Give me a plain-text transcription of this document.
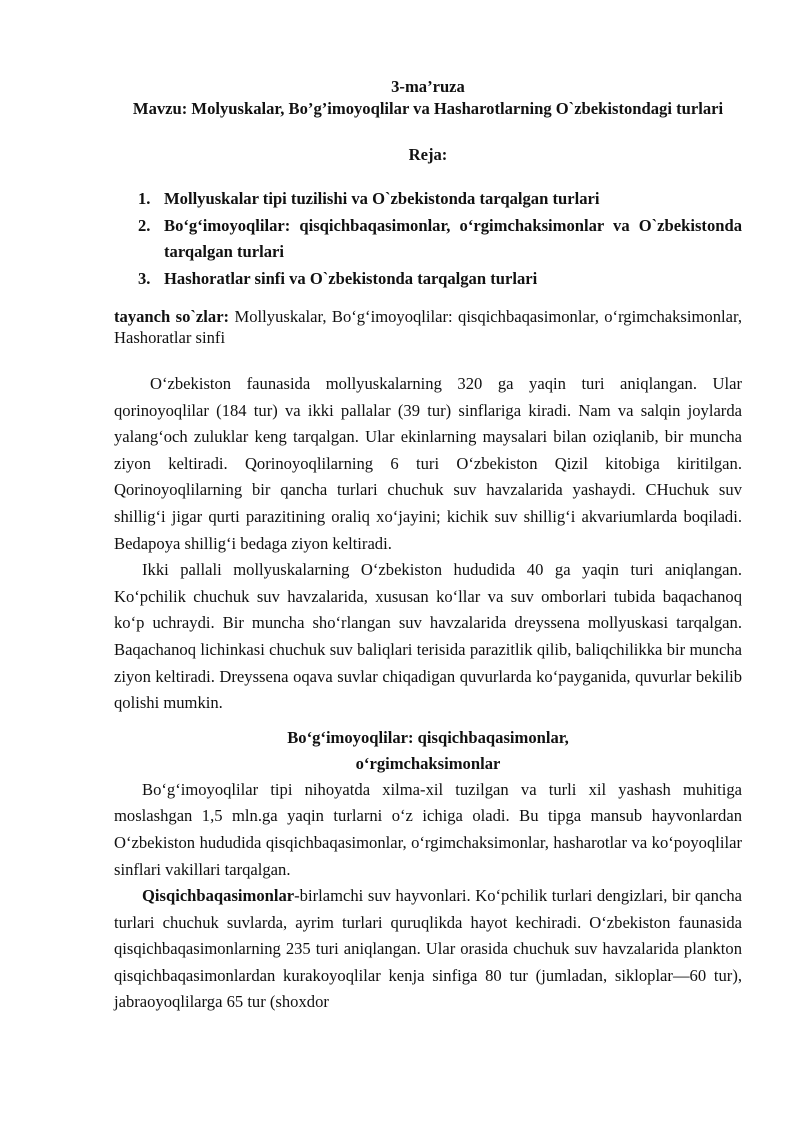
3-ma’ruza
Mavzu: Molyuskalar, Bo’g’imoyoqlilar va Hasharotlarning O`zbekistondagi turlari
Reja:
1. Mollyuskalar tipi tuzilishi va O`zbekistonda tarqalgan turlari
2. Bo‘g‘imoyoqlilar: qisqichbaqasimonlar, o‘rgimchaksimonlar va O`zbekistonda tarqalgan turlari
3. Hashoratlar sinfi va O`zbekistonda tarqalgan turlari
tayanch so`zlar: Mollyuskalar, Bo‘g‘imoyoqlilar: qisqichbaqasimonlar, o‘rgimchaksimonlar, Hashoratlar sinfi

O‘zbekiston faunasida mollyuskalarning 320 ga yaqin turi aniqlangan. Ular qorinoyoqlilar (184 tur) va ikki pallalar (39 tur) sinflariga kiradi. Nam va salqin joylarda yalang‘och zuluklar keng tarqalgan. Ular ekinlarning maysalari bilan oziqlanib, bir muncha ziyon keltiradi. Qorinoyoqlilarning 6 turi O‘zbekiston Qizil kitobiga kiritilgan. Qorinoyoqlilarning bir qancha turlari chuchuk suv havzalarida yashaydi. CHuchuk suv shillig‘i jigar qurti parazitining oraliq xo‘jayini; kichik suv shillig‘i akvariumlarda boqiladi. Bedapoya shillig‘i bedaga ziyon keltiradi.

Ikki pallali mollyuskalarning O‘zbekiston hududida 40 ga yaqin turi aniqlangan. Ko‘pchilik chuchuk suv havzalarida, xususan ko‘llar va suv omborlari tubida baqachanoq ko‘p uchraydi. Bir muncha sho‘rlangan suv havzalarida dreyssena mollyuskasi tarqalgan. Baqachanoq lichinkasi chuchuk suv baliqlari terisida parazitlik qilib, baliqchilikka bir muncha ziyon keltiradi. Dreyssena oqava suvlar chiqadigan quvurlarda ko‘payganida, quvurlar bekilib qolishi mumkin.

Bo‘g‘imoyoqlilar: qisqichbaqasimonlar,
o‘rgimchaksimonlar

Bo‘g‘imoyoqlilar tipi nihoyatda xilma-xil tuzilgan va turli xil yashash muhitiga moslashgan 1,5 mln.ga yaqin turlarni o‘z ichiga oladi. Bu tipga mansub hayvonlardan O‘zbekiston hududida qisqichbaqasimonlar, o‘rgimchaksimonlar, hasharotlar va ko‘poyoqlilar sinflari vakillari tarqalgan.

Qisqichbaqasimonlar-birlamchi suv hayvonlari. Ko‘pchilik turlari dengizlari, bir qancha turlari chuchuk suvlarda, ayrim turlari quruqlikda hayot kechiradi. O‘zbekiston faunasida qisqichbaqasimonlarning 235 turi aniqlangan. Ular orasida chuchuk suv havzalarida plankton qisqichbaqasimonlardan kurakoyoqlilar kenja sinfiga 80 tur (jumladan, sikloplar—60 tur), jabraoyoqlilarga 65 tur (shoxdor
